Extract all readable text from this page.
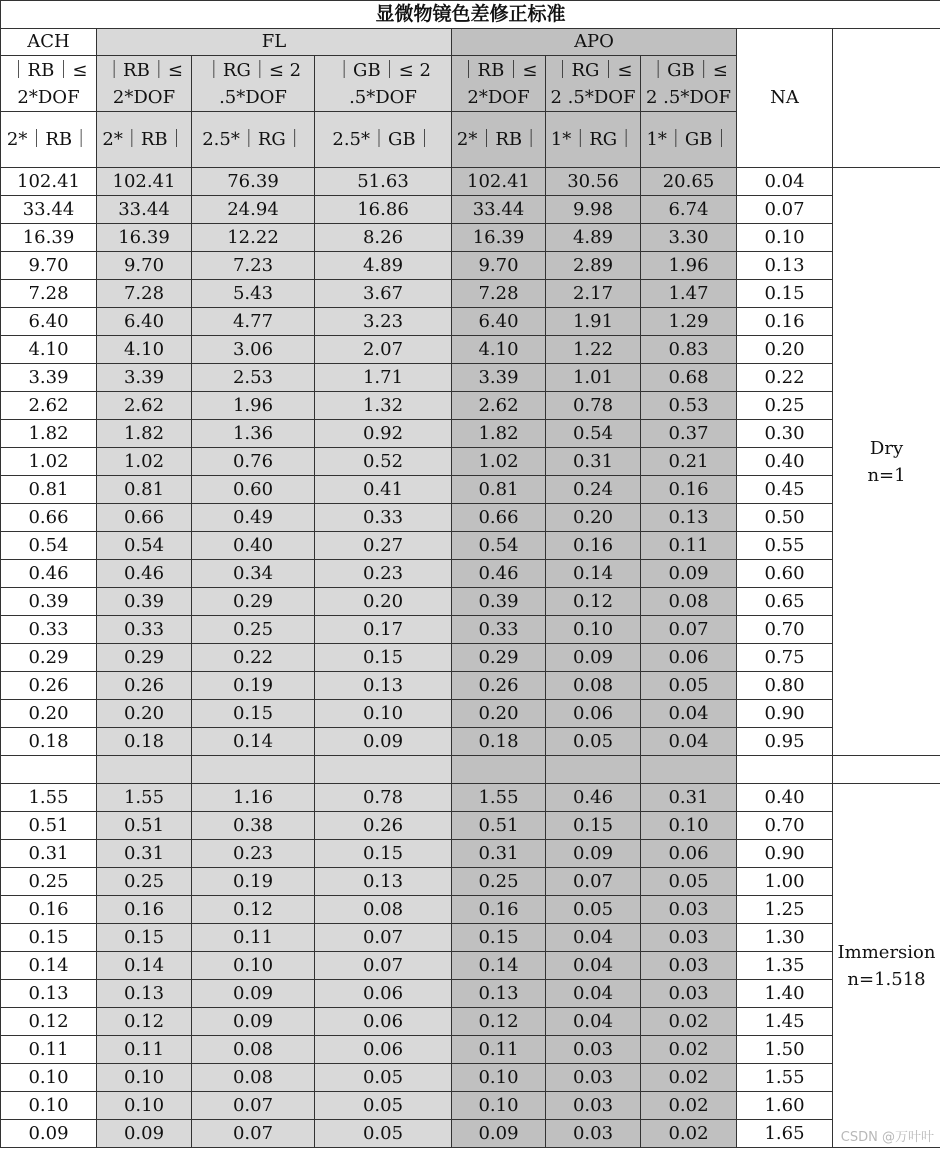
显微物镜色差修正标准								
ACH	FL			APO			NA	
｜RB｜≤ 2*DOF	｜RB｜≤ 2*DOF	｜RG｜≤ 2 .5*DOF	｜GB｜≤ 2 .5*DOF	｜RB｜≤ 2*DOF	｜RG｜≤ 2 .5*DOF	｜GB｜≤ 2 .5*DOF		
2*｜RB｜	2*｜RB｜	2.5*｜RG｜	2.5*｜GB｜	2*｜RB｜	1*｜RG｜	1*｜GB｜		
102.41	102.41	76.39	51.63	102.41	30.56	20.65	0.04	Dry
n=1

33.44	33.44	24.94	16.86	33.44	9.98	6.74	0.07	
16.39	16.39	12.22	8.26	16.39	4.89	3.30	0.10	
9.70	9.70	7.23	4.89	9.70	2.89	1.96	0.13	
7.28	7.28	5.43	3.67	7.28	2.17	1.47	0.15	
6.40	6.40	4.77	3.23	6.40	1.91	1.29	0.16	
4.10	4.10	3.06	2.07	4.10	1.22	0.83	0.20	
3.39	3.39	2.53	1.71	3.39	1.01	0.68	0.22	
2.62	2.62	1.96	1.32	2.62	0.78	0.53	0.25	
1.82	1.82	1.36	0.92	1.82	0.54	0.37	0.30	
1.02	1.02	0.76	0.52	1.02	0.31	0.21	0.40	
0.81	0.81	0.60	0.41	0.81	0.24	0.16	0.45	
0.66	0.66	0.49	0.33	0.66	0.20	0.13	0.50	
0.54	0.54	0.40	0.27	0.54	0.16	0.11	0.55	
0.46	0.46	0.34	0.23	0.46	0.14	0.09	0.60	
0.39	0.39	0.29	0.20	0.39	0.12	0.08	0.65	
0.33	0.33	0.25	0.17	0.33	0.10	0.07	0.70	
0.29	0.29	0.22	0.15	0.29	0.09	0.06	0.75	
0.26	0.26	0.19	0.13	0.26	0.08	0.05	0.80	
0.20	0.20	0.15	0.10	0.20	0.06	0.04	0.90	
0.18	0.18	0.14	0.09	0.18	0.05	0.04	0.95	

1.55	1.55	1.16	0.78	1.55	0.46	0.31	0.40	Immersion
n=1.518

0.51	0.51	0.38	0.26	0.51	0.15	0.10	0.70	
0.31	0.31	0.23	0.15	0.31	0.09	0.06	0.90	
0.25	0.25	0.19	0.13	0.25	0.07	0.05	1.00	
0.16	0.16	0.12	0.08	0.16	0.05	0.03	1.25	
0.15	0.15	0.11	0.07	0.15	0.04	0.03	1.30	
0.14	0.14	0.10	0.07	0.14	0.04	0.03	1.35	
0.13	0.13	0.09	0.06	0.13	0.04	0.03	1.40	
0.12	0.12	0.09	0.06	0.12	0.04	0.02	1.45	
0.11	0.11	0.08	0.06	0.11	0.03	0.02	1.50	
0.10	0.10	0.08	0.05	0.10	0.03	0.02	1.55	
0.10	0.10	0.07	0.05	0.10	0.03	0.02	1.60	
0.09	0.09	0.07	0.05	0.09	0.03	0.02	1.65		CSDN @万叶叶
